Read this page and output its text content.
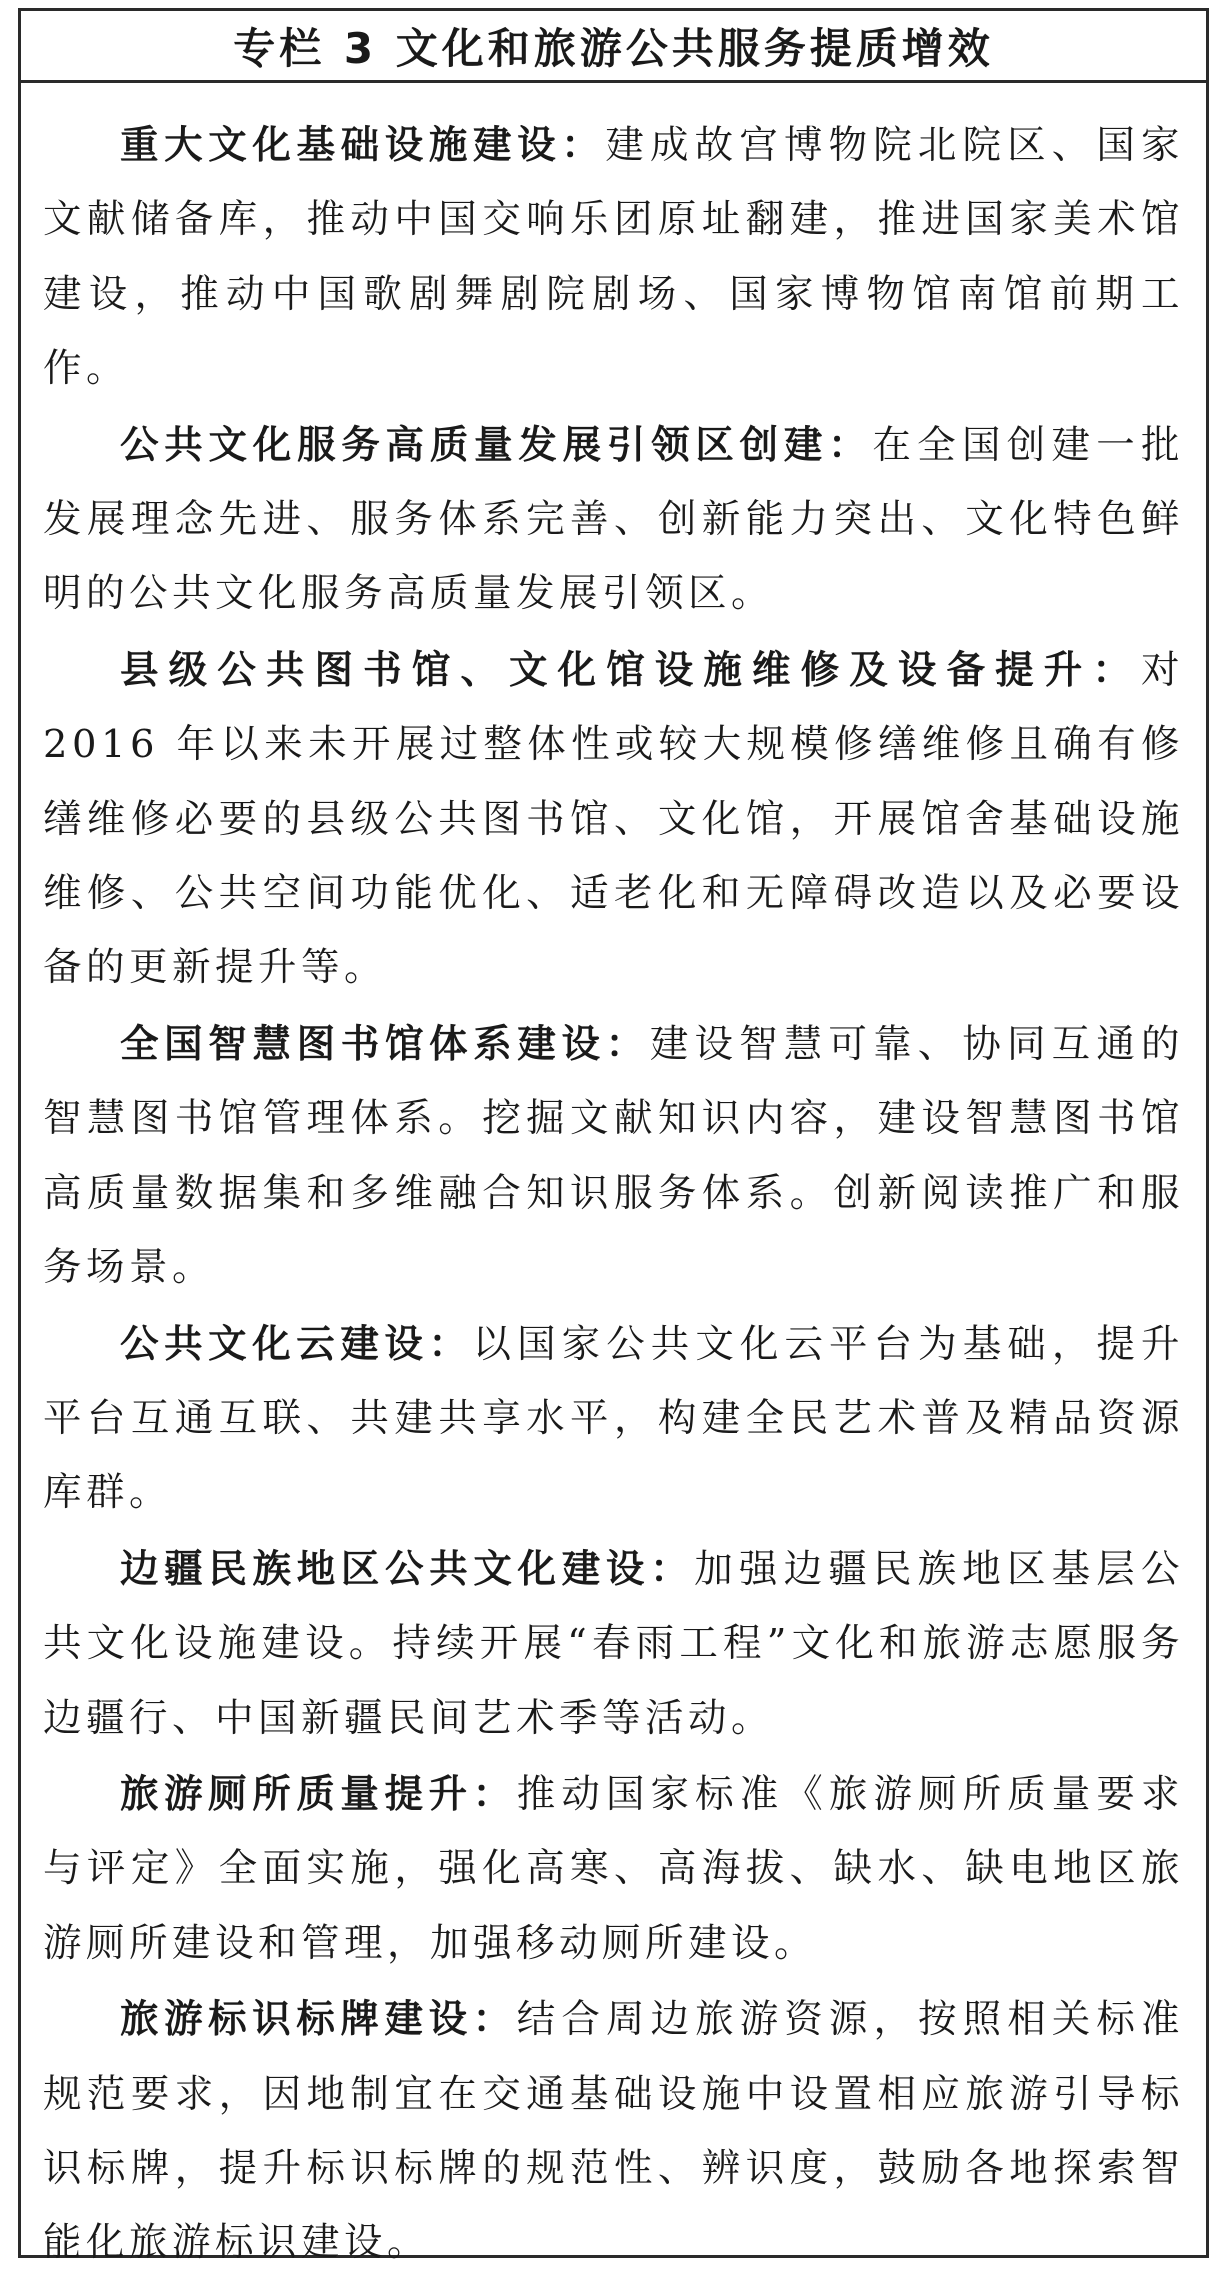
专栏 3 文化和旅游公共服务提质增效

重大文化基础设施建设：建成故宫博物院北院区、国家文献储备库，推动中国交响乐团原址翻建，推进国家美术馆建设，推动中国歌剧舞剧院剧场、国家博物馆南馆前期工作。

公共文化服务高质量发展引领区创建：在全国创建一批发展理念先进、服务体系完善、创新能力突出、文化特色鲜明的公共文化服务高质量发展引领区。

县级公共图书馆、文化馆设施维修及设备提升：对 2016 年以来未开展过整体性或较大规模修缮维修且确有修缮维修必要的县级公共图书馆、文化馆，开展馆舍基础设施维修、公共空间功能优化、适老化和无障碍改造以及必要设备的更新提升等。

全国智慧图书馆体系建设：建设智慧可靠、协同互通的智慧图书馆管理体系。挖掘文献知识内容，建设智慧图书馆高质量数据集和多维融合知识服务体系。创新阅读推广和服务场景。

公共文化云建设：以国家公共文化云平台为基础，提升平台互通互联、共建共享水平，构建全民艺术普及精品资源库群。

边疆民族地区公共文化建设：加强边疆民族地区基层公共文化设施建设。持续开展“春雨工程”文化和旅游志愿服务边疆行、中国新疆民间艺术季等活动。

旅游厕所质量提升：推动国家标准《旅游厕所质量要求与评定》全面实施，强化高寒、高海拔、缺水、缺电地区旅游厕所建设和管理，加强移动厕所建设。

旅游标识标牌建设：结合周边旅游资源，按照相关标准规范要求，因地制宜在交通基础设施中设置相应旅游引导标识标牌，提升标识标牌的规范性、辨识度，鼓励各地探索智能化旅游标识建设。
